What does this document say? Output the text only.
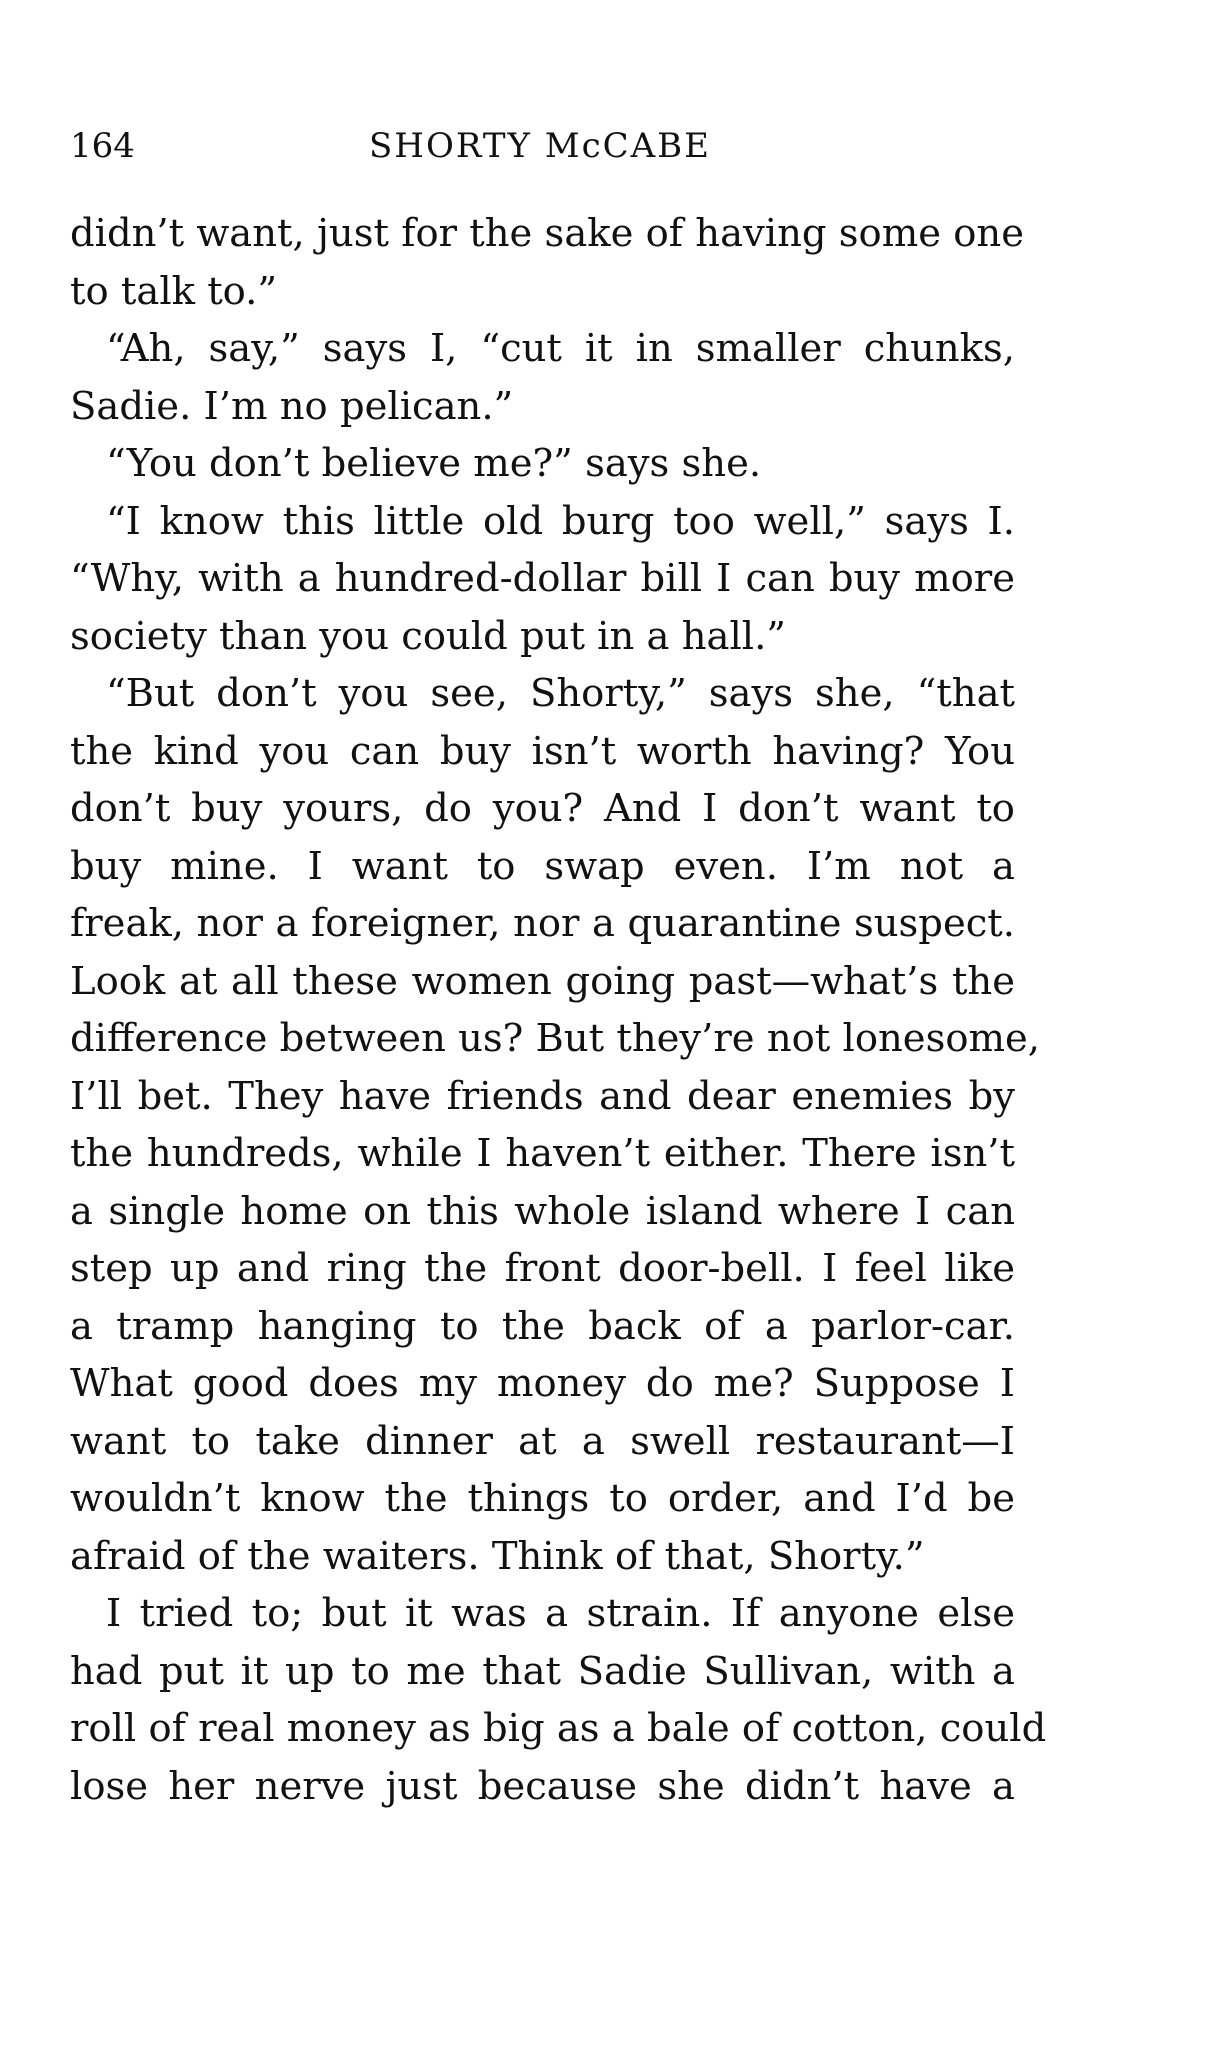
164	SHORTY McCABE
didn’t want, just for the sake of having some one
to talk to.”
“Ah, say,” says I, “cut it in smaller chunks,
Sadie. I’m no pelican.”
“You don’t believe me?” says she.
“I know this little old burg too well,” says I.
“Why, with a hundred-dollar bill I can buy more
society than you could put in a hall.”
“But don’t you see, Shorty,” says she, “that
the kind you can buy isn’t worth having? You
don’t buy yours, do you? And I don’t want to
buy mine. I want to swap even. I’m not a
freak, nor a foreigner, nor a quarantine suspect.
Look at all these women going past—what’s the
difference between us? But they’re not lonesome,
I’ll bet. They have friends and dear enemies by
the hundreds, while I haven’t either. There isn’t
a single home on this whole island where I can
step up and ring the front door-bell. I feel like
a tramp hanging to the back of a parlor-car.
What good does my money do me? Suppose I
want to take dinner at a swell restaurant—I
wouldn’t know the things to order, and I’d be
afraid of the waiters. Think of that, Shorty.”
I tried to; but it was a strain. If anyone else
had put it up to me that Sadie Sullivan, with a
roll of real money as big as a bale of cotton, could
lose her nerve just because she didn’t have a
